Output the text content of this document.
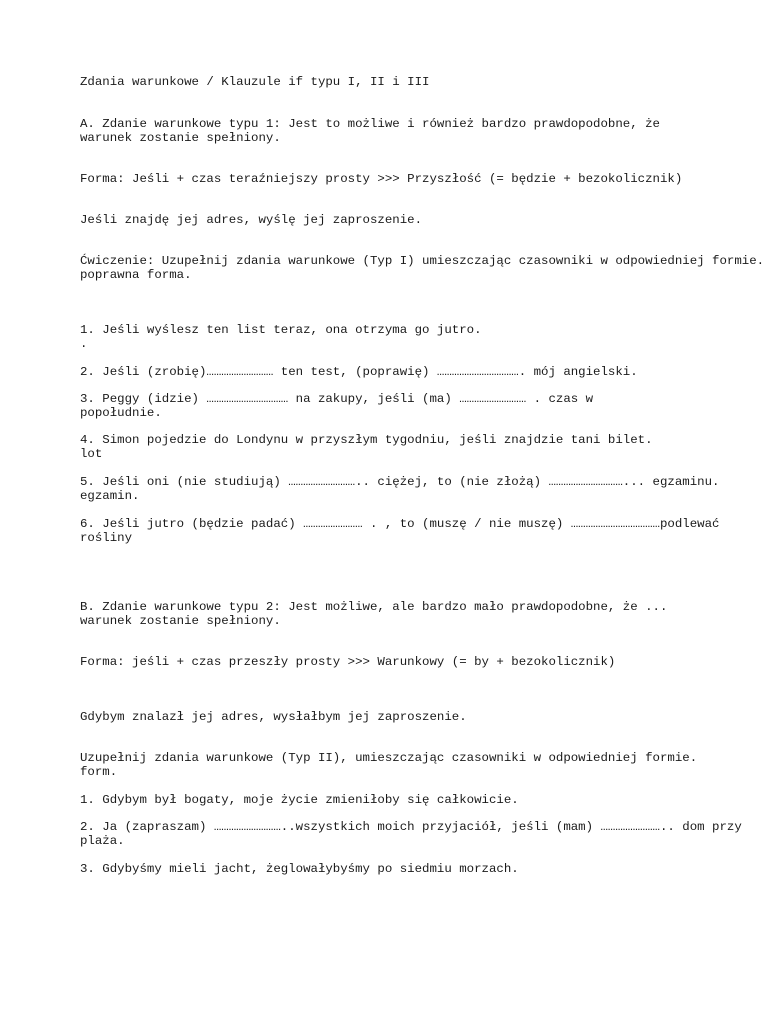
Zdania warunkowe / Klauzule if typu I, II i III
A. Zdanie warunkowe typu 1: Jest to możliwe i również bardzo prawdopodobne, że
warunek zostanie spełniony.
Forma: Jeśli + czas teraźniejszy prosty >>> Przyszłość (= będzie + bezokolicznik)
Jeśli znajdę jej adres, wyślę jej zaproszenie.
Ćwiczenie: Uzupełnij zdania warunkowe (Typ I) umieszczając czasowniki w odpowiedniej formie.
poprawna forma.
1. Jeśli wyślesz ten list teraz, ona otrzyma go jutro.
.
2. Jeśli (zrobię)……………………… ten test, (poprawię) ……………………………. mój angielski.
3. Peggy (idzie) …………………………… na zakupy, jeśli (ma) ……………………… . czas w
popołudnie.
4. Simon pojedzie do Londynu w przyszłym tygodniu, jeśli znajdzie tani bilet.
lot
5. Jeśli oni (nie studiują) ……………………….. ciężej, to (nie złożą) …………………………... egzaminu.
egzamin.
6. Jeśli jutro (będzie padać) …………………… . , to (muszę / nie muszę) ………………………………podlewać
rośliny
B. Zdanie warunkowe typu 2: Jest możliwe, ale bardzo mało prawdopodobne, że ...
warunek zostanie spełniony.
Forma: jeśli + czas przeszły prosty >>> Warunkowy (= by + bezokolicznik)
Gdybym znalazł jej adres, wysłałbym jej zaproszenie.
Uzupełnij zdania warunkowe (Typ II), umieszczając czasowniki w odpowiedniej formie.
form.
1. Gdybym był bogaty, moje życie zmieniłoby się całkowicie.
2. Ja (zapraszam) ………………………..wszystkich moich przyjaciół, jeśli (mam) …………………….. dom przy
plaża.
3. Gdybyśmy mieli jacht, żeglowałybyśmy po siedmiu morzach.
